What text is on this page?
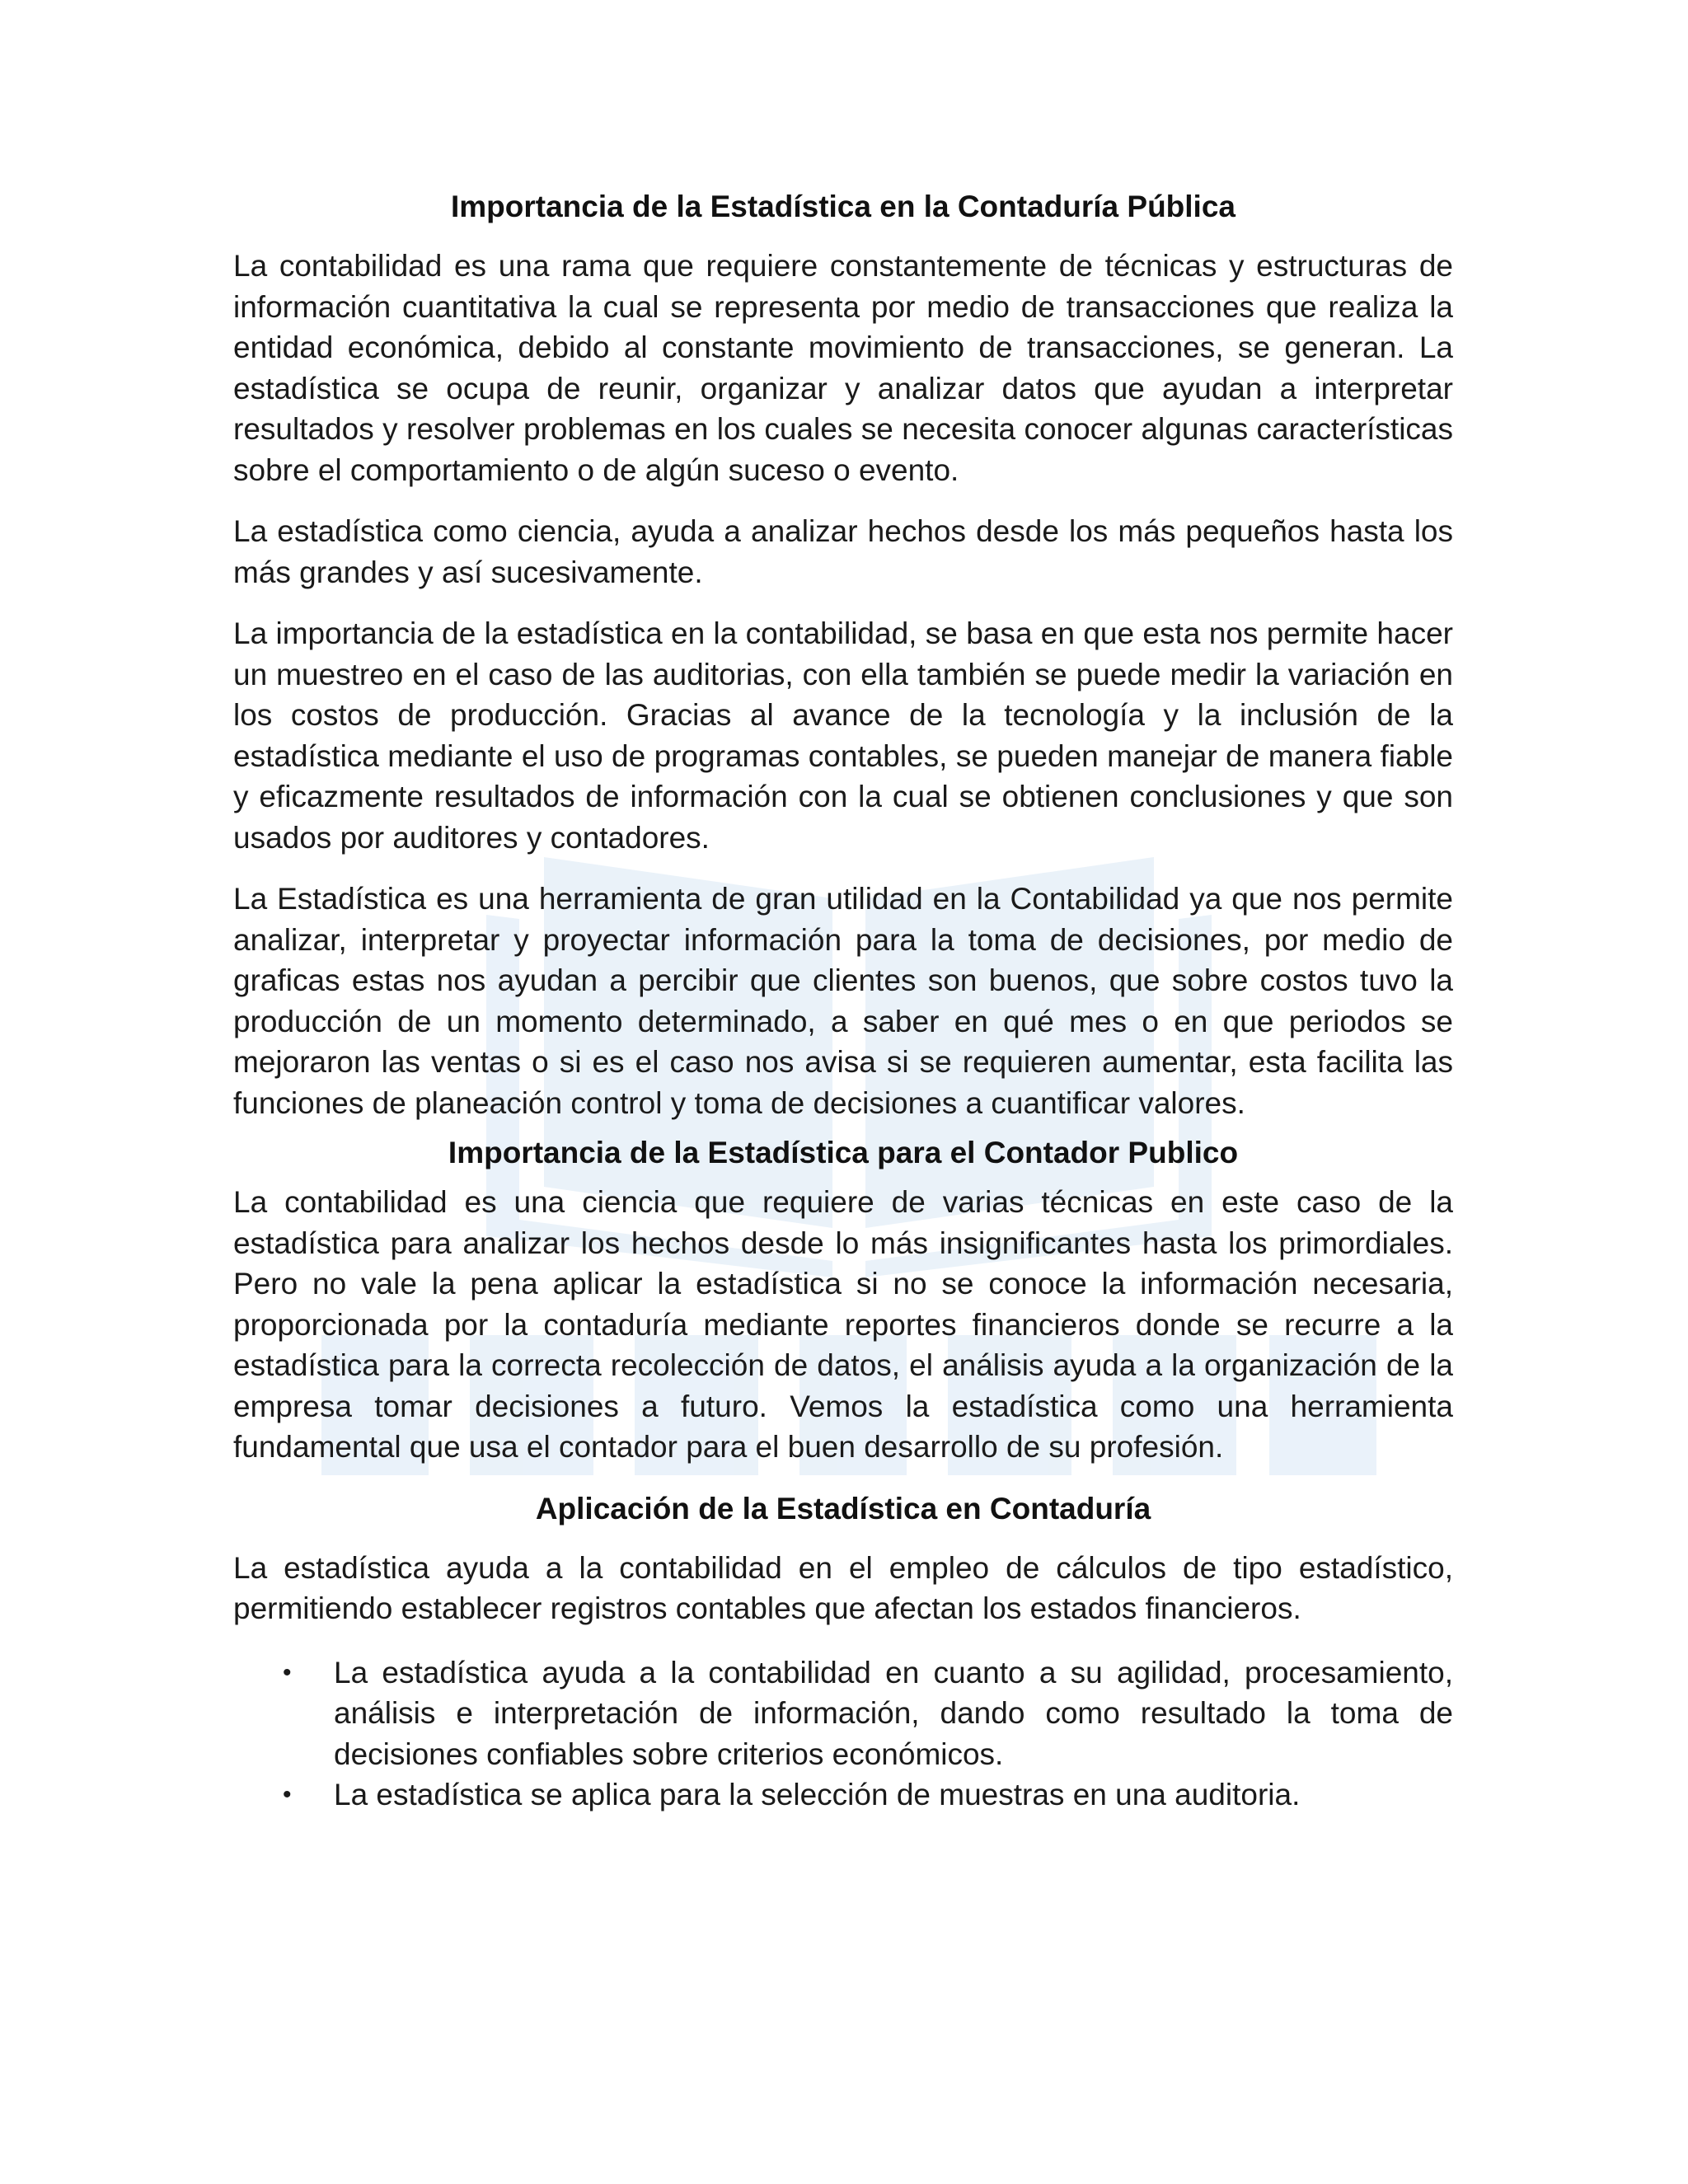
Importancia de la Estadística en la Contaduría Pública

La contabilidad es una rama que requiere constantemente de técnicas y estructuras de información cuantitativa la cual se representa por medio de transacciones que realiza la entidad económica, debido al constante movimiento de transacciones, se generan. La estadística se ocupa de reunir, organizar y analizar datos que ayudan a interpretar resultados y resolver problemas en los cuales se necesita conocer algunas características sobre el comportamiento o de algún suceso o evento.

La estadística como ciencia, ayuda a analizar hechos desde los más pequeños hasta los más grandes y así sucesivamente.

La importancia de la estadística en la contabilidad, se basa en que esta nos permite hacer un muestreo en el caso de las auditorias, con ella también se puede medir la variación en los costos de producción. Gracias al avance de la tecnología y la inclusión de la estadística mediante el uso de programas contables, se pueden manejar de manera fiable y eficazmente resultados de información con la cual se obtienen conclusiones y que son usados por auditores y contadores.

La Estadística es una herramienta de gran utilidad en la Contabilidad ya que nos permite analizar, interpretar y proyectar información para la toma de decisiones, por medio de graficas estas nos ayudan a percibir que clientes son buenos, que sobre costos tuvo la producción de un momento determinado, a saber en qué mes o en que periodos se mejoraron las ventas o si es el caso nos avisa si se requieren aumentar, esta facilita las funciones de planeación control y toma de decisiones a cuantificar valores.

Importancia de la Estadística para el Contador Publico

La contabilidad es una ciencia que requiere de varias técnicas en este caso de la estadística para analizar los hechos desde lo más insignificantes hasta los primordiales. Pero no vale la pena aplicar la estadística si no se conoce la información necesaria, proporcionada por la contaduría mediante reportes financieros donde se recurre a la estadística para la correcta recolección de datos, el análisis ayuda a la organización de la empresa tomar decisiones a futuro. Vemos la estadística como una herramienta fundamental que usa el contador para el buen desarrollo de su profesión.

Aplicación de la Estadística en Contaduría

La estadística ayuda a la contabilidad en el empleo de cálculos de tipo estadístico, permitiendo establecer registros contables que afectan los estados financieros.

• La estadística ayuda a la contabilidad en cuanto a su agilidad, procesamiento, análisis e interpretación de información, dando como resultado la toma de decisiones confiables sobre criterios económicos.
• La estadística se aplica para la selección de muestras en una auditoria.
